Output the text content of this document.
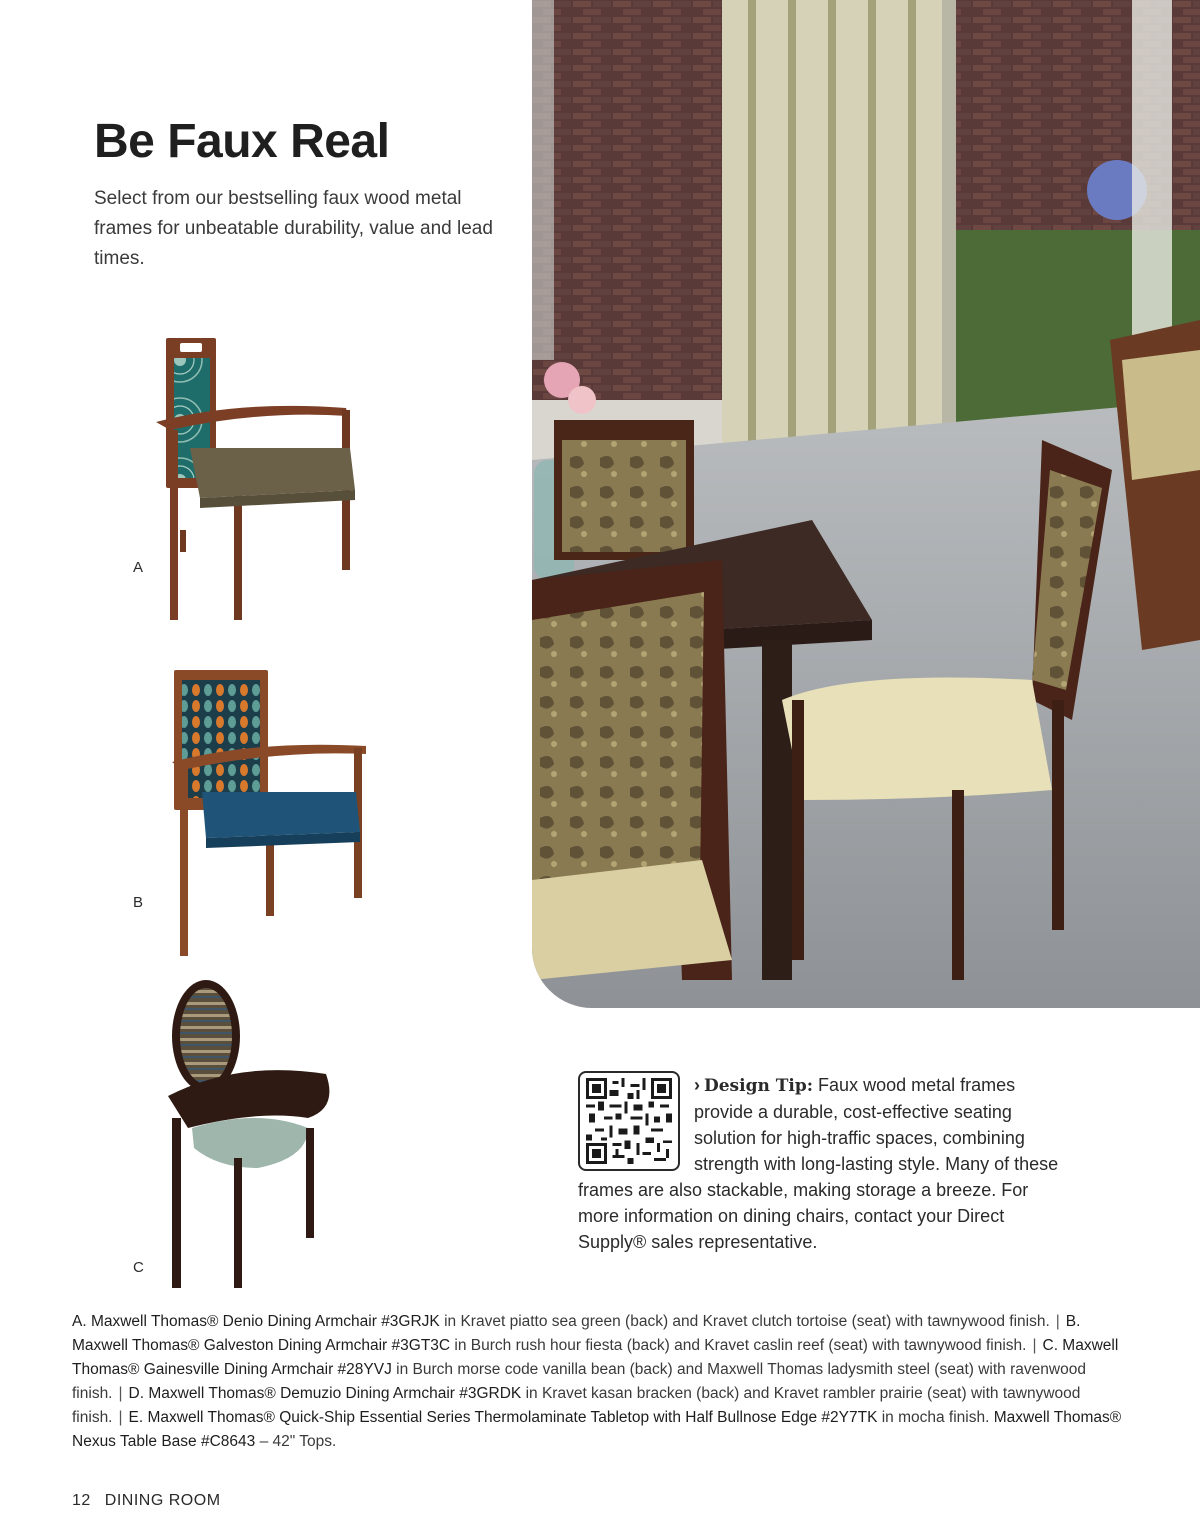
Be Faux Real

Select from our bestselling faux wood metal frames for unbeatable durability, value and lead times.

A
B
C

› Design Tip: Faux wood metal frames provide a durable, cost-effective seating solution for high-traffic spaces, combining strength with long-lasting style. Many of these frames are also stackable, making storage a breeze. For more information on dining chairs, contact your Direct Supply® sales representative.

A. Maxwell Thomas® Denio Dining Armchair #3GRJK in Kravet piatto sea green (back) and Kravet clutch tortoise (seat) with tawnywood finish. | B. Maxwell Thomas® Galveston Dining Armchair #3GT3C in Burch rush hour fiesta (back) and Kravet caslin reef (seat) with tawnywood finish. | C. Maxwell Thomas® Gainesville Dining Armchair #28YVJ in Burch morse code vanilla bean (back) and Maxwell Thomas ladysmith steel (seat) with ravenwood finish. | D. Maxwell Thomas® Demuzio Dining Armchair #3GRDK in Kravet kasan bracken (back) and Kravet rambler prairie (seat) with tawnywood finish. | E. Maxwell Thomas® Quick-Ship Essential Series Thermolaminate Tabletop with Half Bullnose Edge #2Y7TK in mocha finish. Maxwell Thomas® Nexus Table Base #C8643 – 42" Tops.

12 DINING ROOM
